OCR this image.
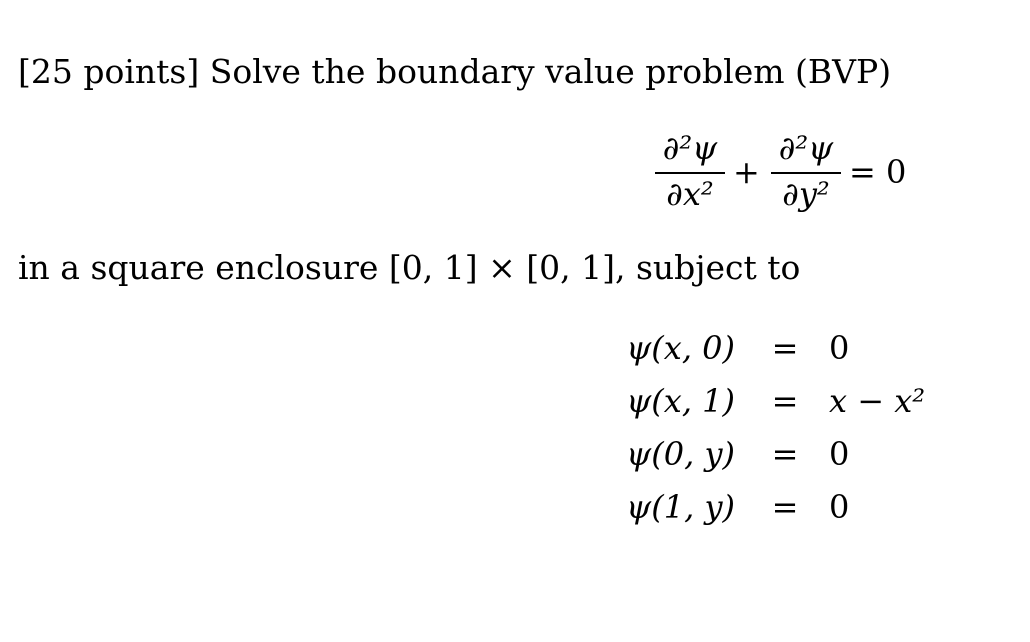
[25 points] Solve the boundary value problem (BVP)
∂²ψ
∂x²
+
∂²ψ
∂y²
= 0
in a square enclosure [0, 1] × [0, 1], subject to
ψ(x, 0) = 0
ψ(x, 1) = x − x²
ψ(0, y) = 0
ψ(1, y) = 0
